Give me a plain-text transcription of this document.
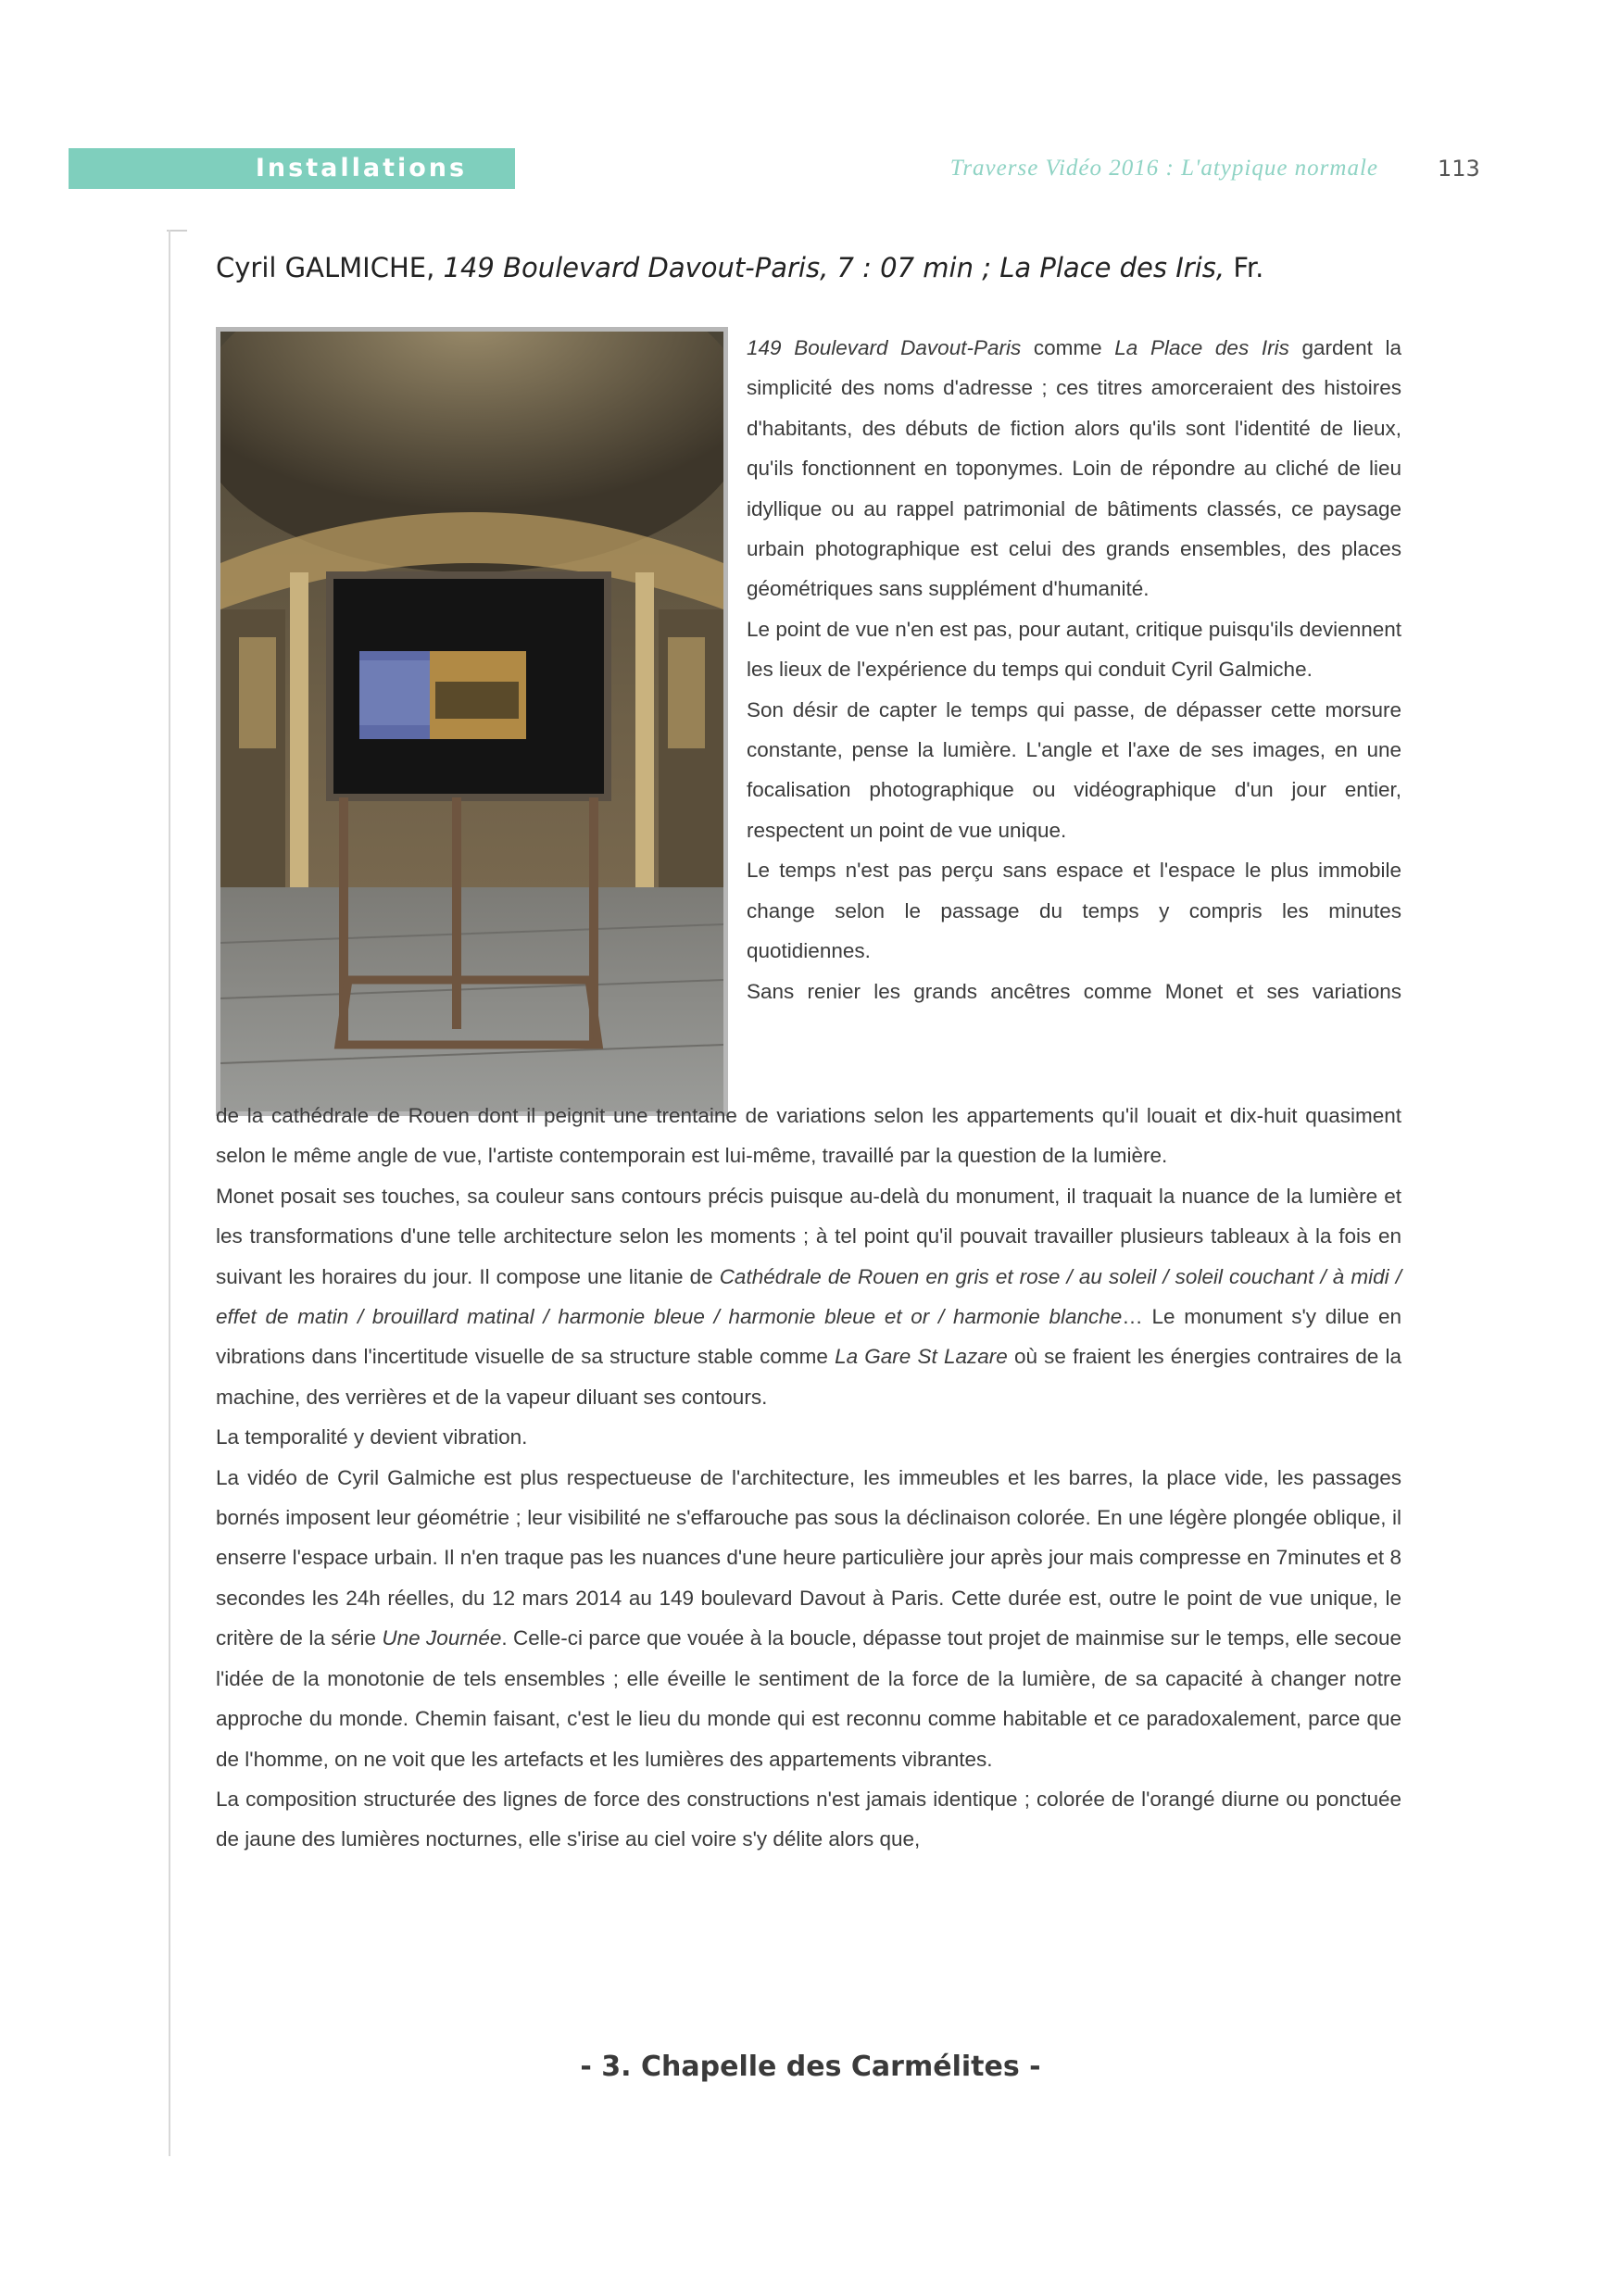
Installations	Traverse Vidéo 2016 : L'atypique normale	113
Cyril GALMICHE, 149 Boulevard Davout-Paris, 7 : 07 min ; La Place des Iris, Fr.

149 Boulevard Davout-Paris comme La Place des Iris gardent la simplicité des noms d'adresse ; ces titres amorceraient des histoires d'habitants, des débuts de fiction alors qu'ils sont l'identité de lieux, qu'ils fonctionnent en toponymes. Loin de répondre au cliché de lieu idyllique ou au rappel patrimonial de bâtiments classés, ce paysage urbain photographique est celui des grands ensembles, des places géométriques sans supplément d'humanité.

Le point de vue n'en est pas, pour autant, critique puisqu'ils deviennent les lieux de l'expérience du temps qui conduit Cyril Galmiche.

Son désir de capter le temps qui passe, de dépasser cette morsure constante, pense la lumière. L'angle et l'axe de ses images, en une focalisation photographique ou vidéographique d'un jour entier, respectent un point de vue unique.

Le temps n'est pas perçu sans espace et l'espace le plus immobile change selon le passage du temps y compris les minutes quotidiennes.

Sans renier les grands ancêtres comme Monet et ses variations

de la cathédrale de Rouen dont il peignit une trentaine de variations selon les appartements qu'il louait et dix-huit quasiment selon le même angle de vue, l'artiste contemporain est lui-même, travaillé par la question de la lumière.

Monet posait ses touches, sa couleur sans contours précis puisque au-delà du monument, il traquait la nuance de la lumière et les transformations d'une telle architecture selon les moments ; à tel point qu'il pouvait travailler plusieurs tableaux à la fois en suivant les horaires du jour. Il compose une litanie de Cathédrale de Rouen en gris et rose / au soleil / soleil couchant / à midi / effet de matin / brouillard matinal / harmonie bleue / harmonie bleue et or / harmonie blanche… Le monument s'y dilue en vibrations dans l'incertitude visuelle de sa structure stable comme La Gare St Lazare où se fraient les énergies contraires de la machine, des verrières et de la vapeur diluant ses contours.

La temporalité y devient vibration.

La vidéo de Cyril Galmiche est plus respectueuse de l'architecture, les immeubles et les barres, la place vide, les passages bornés imposent leur géométrie ; leur visibilité ne s'effarouche pas sous la déclinaison colorée. En une légère plongée oblique, il enserre l'espace urbain. Il n'en traque pas les nuances d'une heure particulière jour après jour mais compresse en 7minutes et 8 secondes les 24h réelles, du 12 mars 2014 au 149 boulevard Davout à Paris. Cette durée est, outre le point de vue unique, le critère de la série Une Journée. Celle-ci parce que vouée à la boucle, dépasse tout projet de mainmise sur le temps, elle secoue l'idée de la monotonie de tels ensembles ; elle éveille le sentiment de la force de la lumière, de sa capacité à changer notre approche du monde. Chemin faisant, c'est le lieu du monde qui est reconnu comme habitable et ce paradoxalement, parce que de l'homme, on ne voit que les artefacts et les lumières des appartements vibrantes.

La composition structurée des lignes de force des constructions n'est jamais identique ; colorée de l'orangé diurne ou ponctuée de jaune des lumières nocturnes, elle s'irise au ciel voire s'y délite alors que,

- 3. Chapelle des Carmélites -
